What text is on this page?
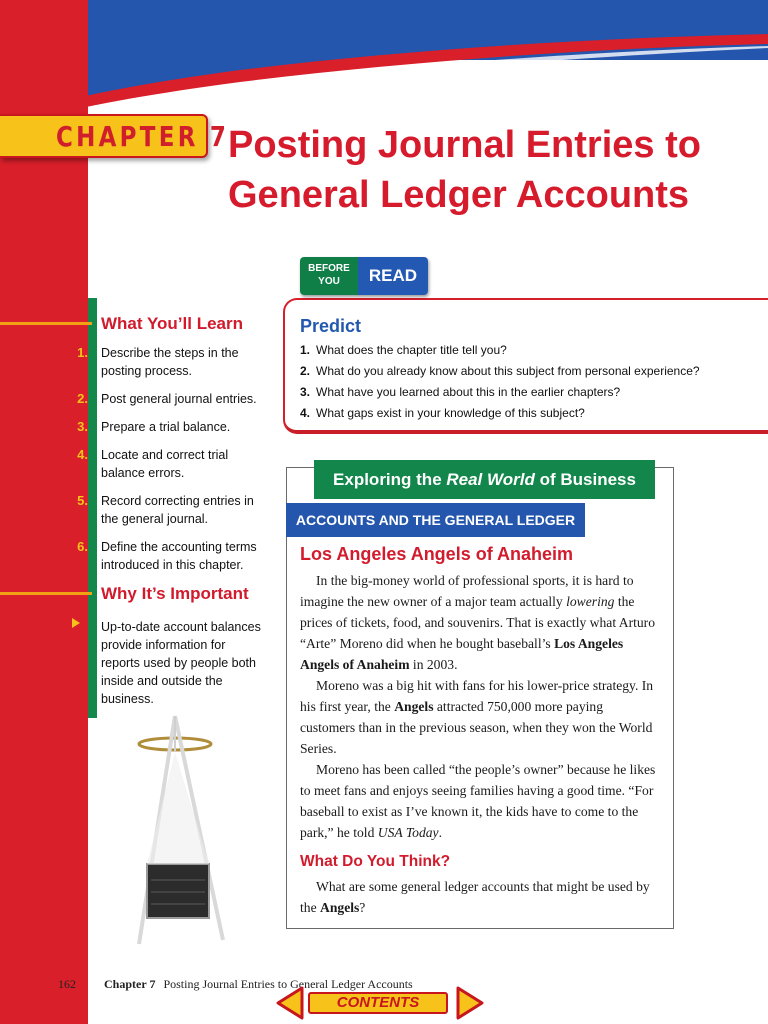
CHAPTER 7
Posting Journal Entries to
General Ledger Accounts
What You’ll Learn
1. Describe the steps in the posting process.
2. Post general journal entries.
3. Prepare a trial balance.
4. Locate and correct trial balance errors.
5. Record correcting entries in the general journal.
6. Define the accounting terms introduced in this chapter.
Why It’s Important
Up-to-date account balances provide information for reports used by people both inside and outside the business.
BEFORE
YOU	READ
Predict
1. What does the chapter title tell you?
2. What do you already know about this subject from personal experience?
3. What have you learned about this in the earlier chapters?
4. What gaps exist in your knowledge of this subject?
Exploring the Real World of Business
ACCOUNTS AND THE GENERAL LEDGER
Los Angeles Angels of Anaheim

In the big-money world of professional sports, it is hard to imagine the new owner of a major team actually lowering the prices of tickets, food, and souvenirs. That is exactly what Arturo “Arte” Moreno did when he bought baseball’s Los Angeles Angels of Anaheim in 2003.

Moreno was a big hit with fans for his lower-price strategy. In his first year, the Angels attracted 750,000 more paying customers than in the previous season, when they won the World Series.

Moreno has been called “the people’s owner” because he likes to meet fans and enjoys seeing families having a good time. “For baseball to exist as I’ve known it, the kids have to come to the park,” he told USA Today.

What Do You Think?
What are some general ledger accounts that might be used by the Angels?
162 Chapter 7 Posting Journal Entries to General Ledger Accounts
CONTENTS
